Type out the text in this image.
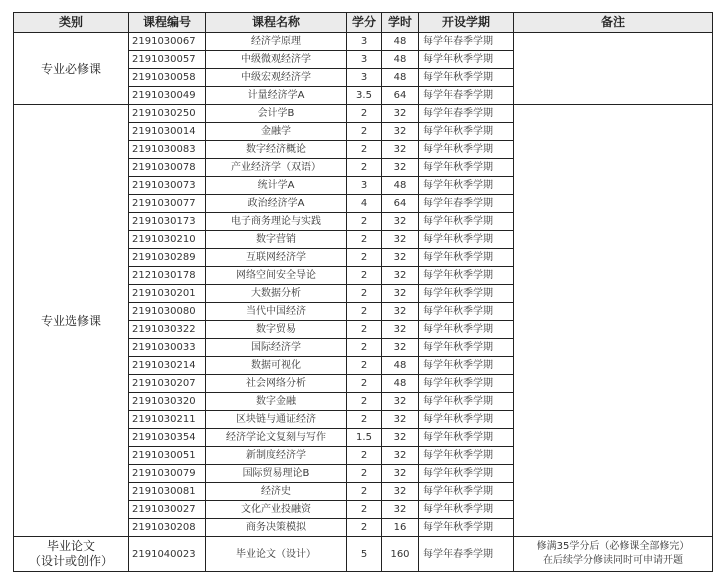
类别	课程编号	课程名称	学分	学时	开设学期	备注
专业必修课	2191030067	经济学原理	3	48	每学年春季学期	
	2191030057	中级微观经济学	3	48	每学年秋季学期	
	2191030058	中级宏观经济学	3	48	每学年秋季学期	
	2191030049	计量经济学A	3.5	64	每学年春季学期	
专业选修课	2191030250	会计学B	2	32	每学年春季学期	
	2191030014	金融学	2	32	每学年秋季学期	
	2191030083	数字经济概论	2	32	每学年秋季学期	
	2191030078	产业经济学（双语）	2	32	每学年秋季学期	
	2191030073	统计学A	3	48	每学年秋季学期	
	2191030077	政治经济学A	4	64	每学年春季学期	
	2191030173	电子商务理论与实践	2	32	每学年秋季学期	
	2191030210	数字营销	2	32	每学年秋季学期	
	2191030289	互联网经济学	2	32	每学年秋季学期	
	2121030178	网络空间安全导论	2	32	每学年秋季学期	
	2191030201	大数据分析	2	32	每学年秋季学期	
	2191030080	当代中国经济	2	32	每学年秋季学期	
	2191030322	数字贸易	2	32	每学年秋季学期	
	2191030033	国际经济学	2	32	每学年秋季学期	
	2191030214	数据可视化	2	48	每学年秋季学期	
	2191030207	社会网络分析	2	48	每学年秋季学期	
	2191030320	数字金融	2	32	每学年秋季学期	
	2191030211	区块链与通证经济	2	32	每学年秋季学期	
	2191030354	经济学论文复刻与写作	1.5	32	每学年秋季学期	
	2191030051	新制度经济学	2	32	每学年秋季学期	
	2191030079	国际贸易理论B	2	32	每学年秋季学期	
	2191030081	经济史	2	32	每学年秋季学期	
	2191030027	文化产业投融资	2	32	每学年秋季学期	
	2191030208	商务决策模拟	2	16	每学年秋季学期	
毕业论文
（设计或创作）	2191040023	毕业论文（设计）	5	160	每学年春季学期	修满35学分后（必修课全部修完）
在后续学分修读同时可申请开题
